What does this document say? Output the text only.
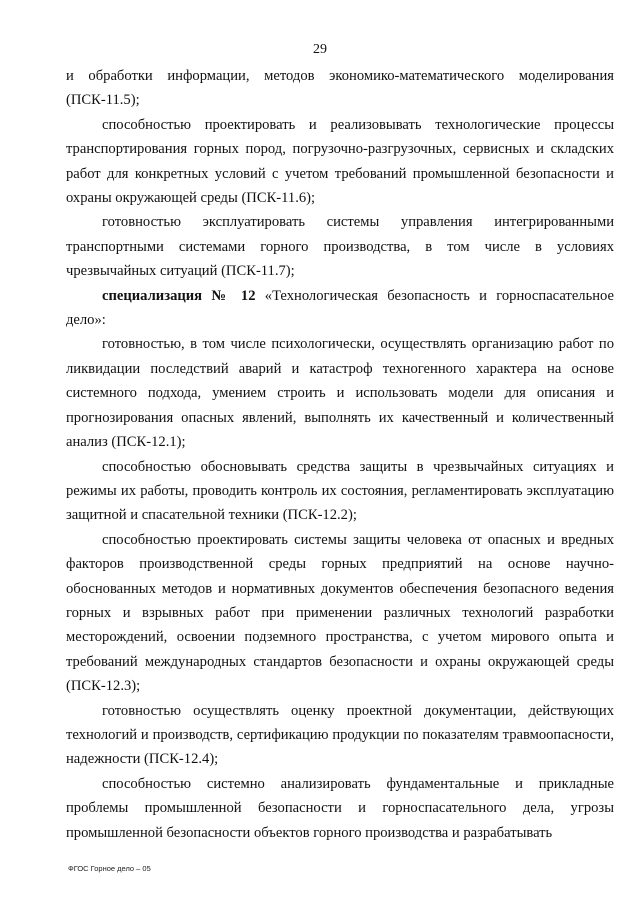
29

и обработки информации, методов экономико-математического моделирования (ПСК-11.5);

способностью проектировать и реализовывать технологические процессы транспортирования горных пород, погрузочно-разгрузочных, сервисных и складских работ для конкретных условий с учетом требований промышленной безопасности и охраны окружающей среды (ПСК-11.6);

готовностью эксплуатировать системы управления интегрированными транспортными системами горного производства, в том числе в условиях чрезвычайных ситуаций (ПСК-11.7);

специализация № 12 «Технологическая безопасность и горноспасательное дело»:

готовностью, в том числе психологически, осуществлять организацию работ по ликвидации последствий аварий и катастроф техногенного характера на основе системного подхода, умением строить и использовать модели для описания и прогнозирования опасных явлений, выполнять их качественный и количественный анализ (ПСК-12.1);

способностью обосновывать средства защиты в чрезвычайных ситуациях и режимы их работы, проводить контроль их состояния, регламентировать эксплуатацию защитной и спасательной техники (ПСК-12.2);

способностью проектировать системы защиты человека от опасных и вредных факторов производственной среды горных предприятий на основе научно-обоснованных методов и нормативных документов обеспечения безопасного ведения горных и взрывных работ при применении различных технологий разработки месторождений, освоении подземного пространства, с учетом мирового опыта и требований международных стандартов безопасности и охраны окружающей среды (ПСК-12.3);

готовностью осуществлять оценку проектной документации, действующих технологий и производств, сертификацию продукции по показателям травмоопасности, надежности (ПСК-12.4);

способностью системно анализировать фундаментальные и прикладные проблемы промышленной безопасности и горноспасательного дела, угрозы промышленной безопасности объектов горного производства и разрабатывать

ФГОС Горное дело – 05
